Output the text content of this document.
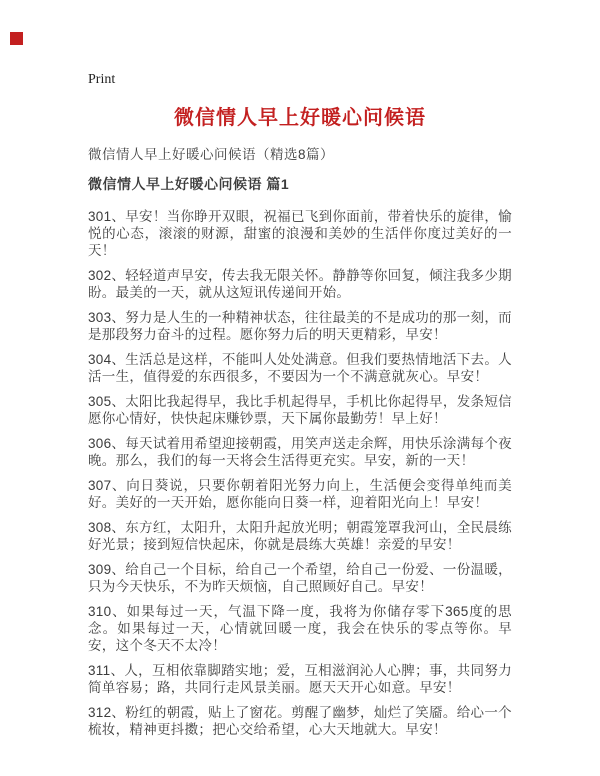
Print
微信情人早上好暖心问候语

微信情人早上好暖心问候语（精选8篇）

微信情人早上好暖心问候语 篇1

301、早安！当你睁开双眼，祝福已飞到你面前，带着快乐的旋律，愉悦的心态，滚滚的财源，甜蜜的浪漫和美妙的生活伴你度过美好的一天！

302、轻轻道声早安，传去我无限关怀。静静等你回复，倾注我多少期盼。最美的一天，就从这短讯传递间开始。

303、努力是人生的一种精神状态，往往最美的不是成功的那一刻，而是那段努力奋斗的过程。愿你努力后的明天更精彩，早安！

304、生活总是这样，不能叫人处处满意。但我们要热情地活下去。人活一生，值得爱的东西很多，不要因为一个不满意就灰心。早安！

305、太阳比我起得早，我比手机起得早，手机比你起得早，发条短信愿你心情好，快快起床赚钞票，天下属你最勤劳！早上好！

306、每天试着用希望迎接朝霞，用笑声送走余辉，用快乐涂满每个夜晚。那么，我们的每一天将会生活得更充实。早安，新的一天！

307、向日葵说，只要你朝着阳光努力向上，生活便会变得单纯而美好。美好的一天开始，愿你能向日葵一样，迎着阳光向上！早安！

308、东方红，太阳升，太阳升起放光明；朝霞笼罩我河山，全民晨练好光景；接到短信快起床，你就是晨练大英雄！亲爱的早安！

309、给自己一个目标，给自己一个希望，给自己一份爱、一份温暖，只为今天快乐，不为昨天烦恼，自己照顾好自己。早安！

310、如果每过一天，气温下降一度，我将为你储存零下365度的思念。如果每过一天，心情就回暖一度，我会在快乐的零点等你。早安，这个冬天不太冷！

311、人，互相依靠脚踏实地；爱，互相滋润沁人心脾；事，共同努力简单容易；路，共同行走风景美丽。愿天天开心如意。早安！

312、粉红的朝霞，贴上了窗花。剪醒了幽梦，灿烂了笑靥。给心一个梳妆，精神更抖擞；把心交给希望，心大天地就大。早安！
